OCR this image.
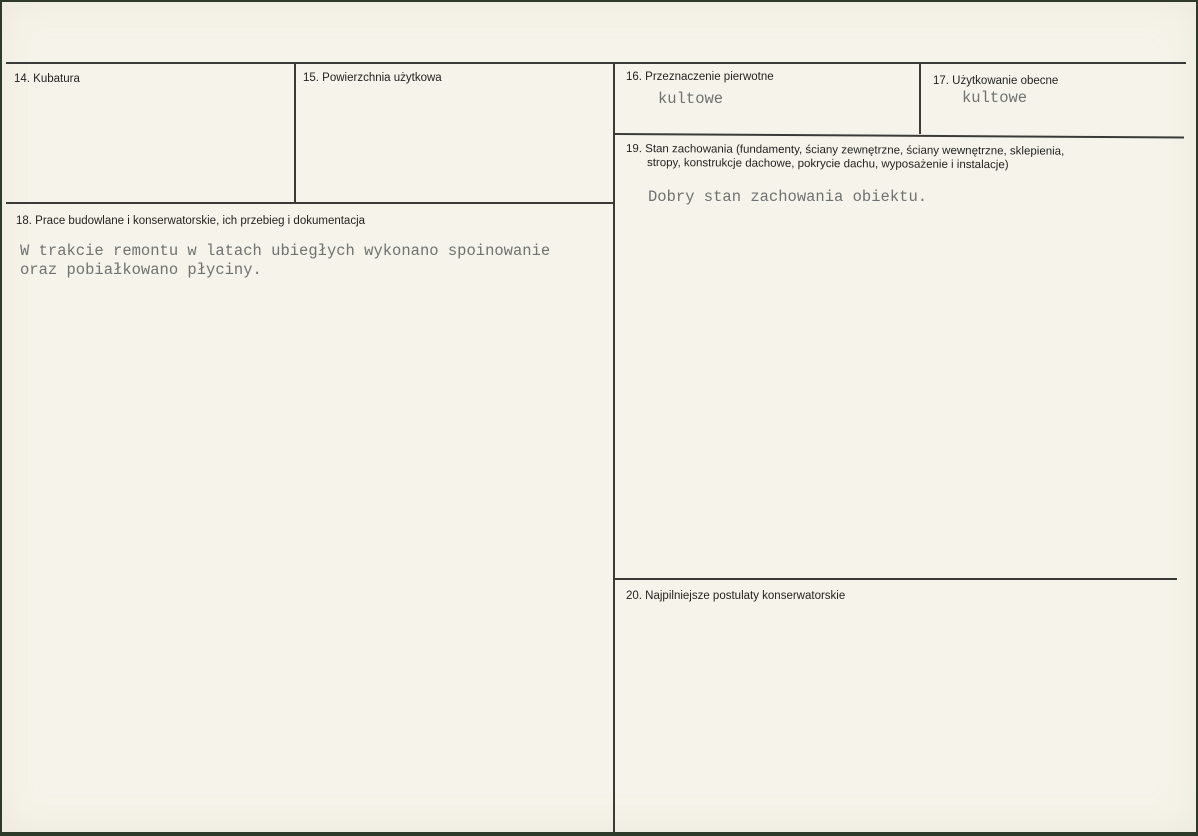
14. Kubatura	15. Powierzchnia użytkowa	16. Przeznaczenie pierwotne
kultowe
17. Użytkowanie obecne
kultowe
19. Stan zachowania (fundamenty, ściany zewnętrzne, ściany wewnętrzne, sklepienia,
stropy, konstrukcje dachowe, pokrycie dachu, wyposażenie i instalacje)
Dobry stan zachowania obiektu.
18. Prace budowlane i konserwatorskie, ich przebieg i dokumentacja
W trakcie remontu w latach ubiegłych wykonano spoinowanie
oraz pobiałkowano płyciny.
20. Najpilniejsze postulaty konserwatorskie
